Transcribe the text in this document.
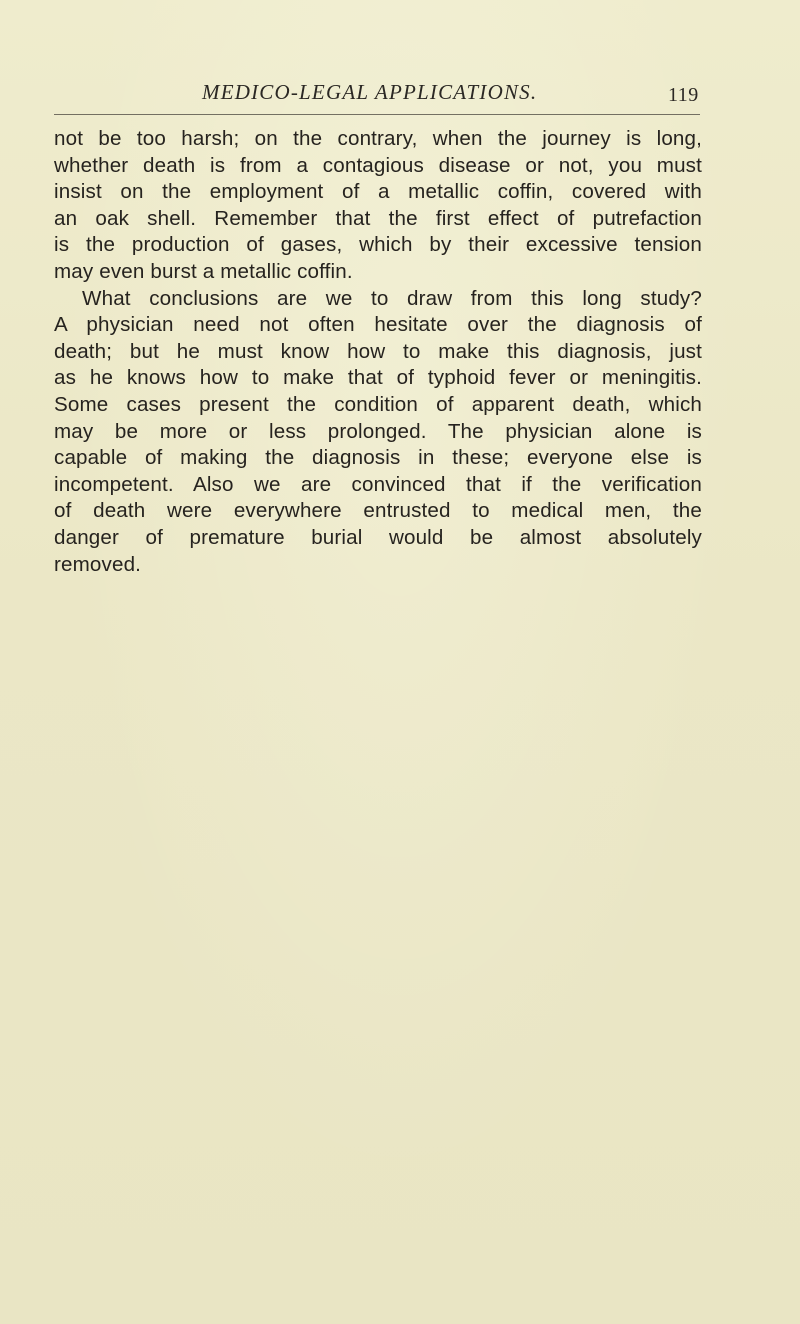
MEDICO-LEGAL APPLICATIONS.	119
not be too harsh; on the contrary, when the journey is long,
whether death is from a contagious disease or not, you must
insist on the employment of a metallic coffin, covered with
an oak shell. Remember that the first effect of putrefaction
is the production of gases, which by their excessive tension
may even burst a metallic coffin.
What conclusions are we to draw from this long study?
A physician need not often hesitate over the diagnosis of
death; but he must know how to make this diagnosis, just
as he knows how to make that of typhoid fever or meningitis.
Some cases present the condition of apparent death, which
may be more or less prolonged. The physician alone is
capable of making the diagnosis in these; everyone else is
incompetent. Also we are convinced that if the verification
of death were everywhere entrusted to medical men, the
danger of premature burial would be almost absolutely
removed.
